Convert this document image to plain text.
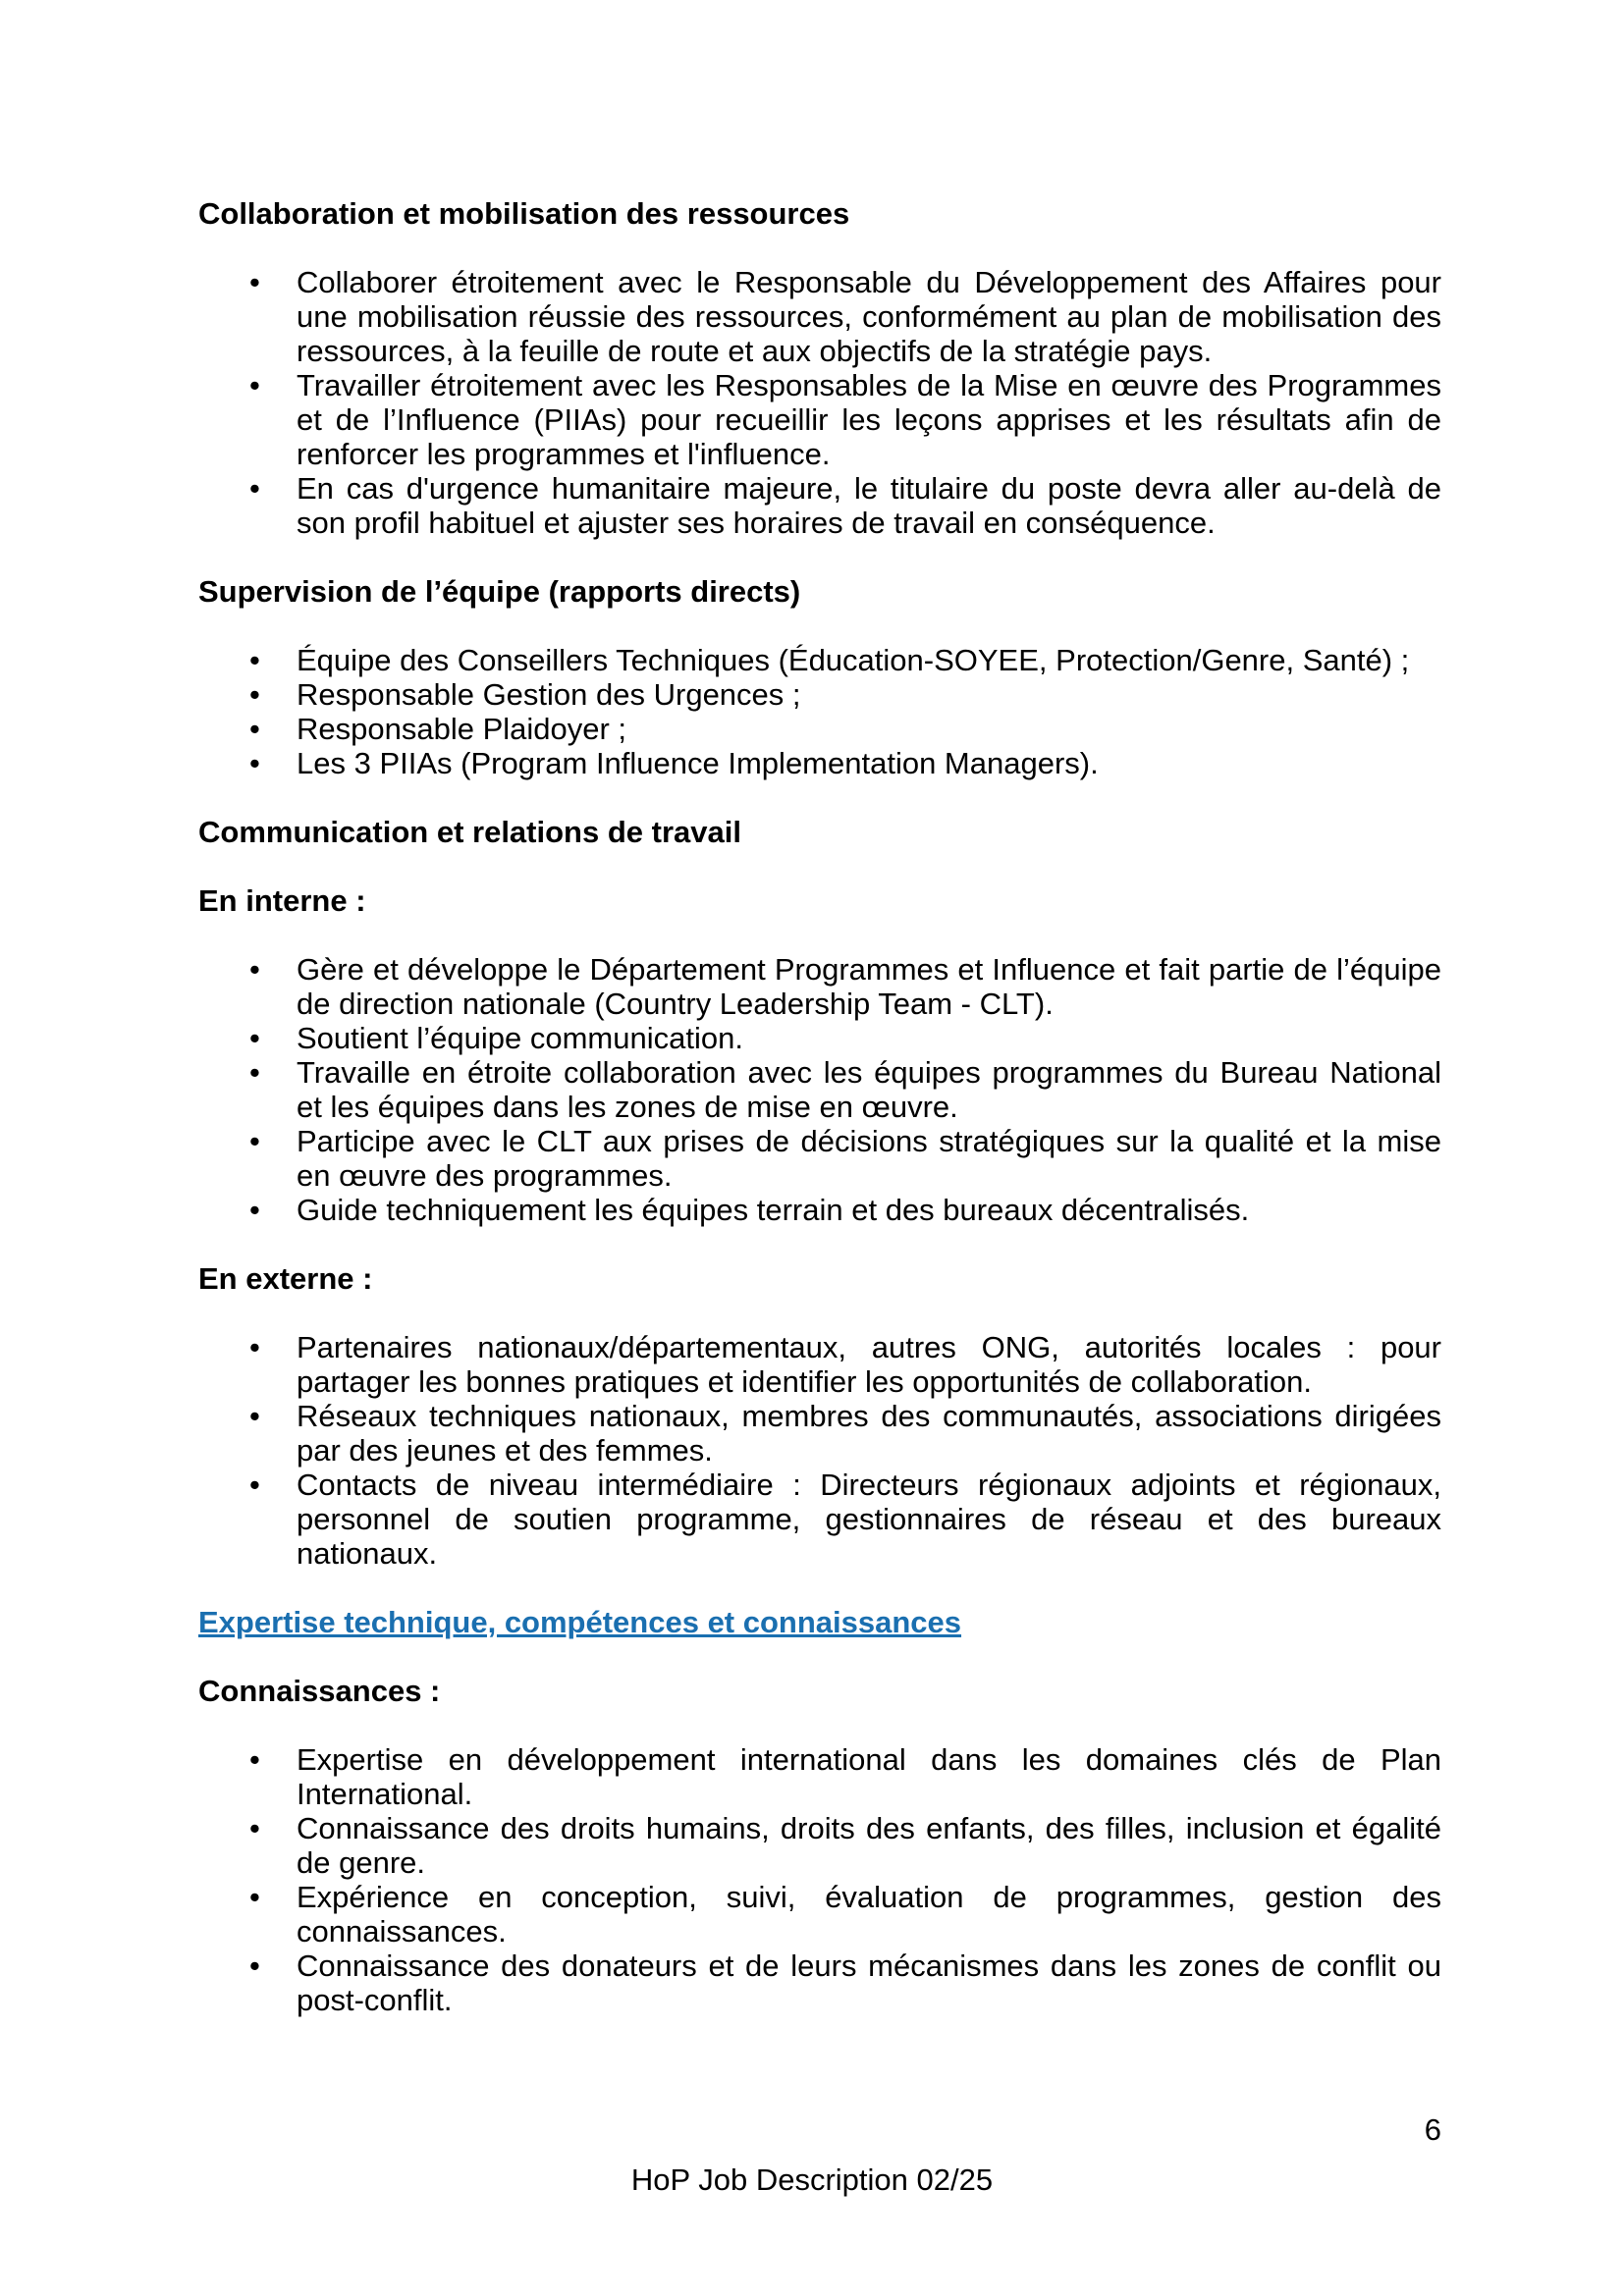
Collaboration et mobilisation des ressources

• Collaborer étroitement avec le Responsable du Développement des Affaires pour une mobilisation réussie des ressources, conformément au plan de mobilisation des ressources, à la feuille de route et aux objectifs de la stratégie pays.
• Travailler étroitement avec les Responsables de la Mise en œuvre des Programmes et de l’Influence (PIIAs) pour recueillir les leçons apprises et les résultats afin de renforcer les programmes et l'influence.
• En cas d'urgence humanitaire majeure, le titulaire du poste devra aller au-delà de son profil habituel et ajuster ses horaires de travail en conséquence.

Supervision de l’équipe (rapports directs)

• Équipe des Conseillers Techniques (Éducation-SOYEE, Protection/Genre, Santé) ;
• Responsable Gestion des Urgences ;
• Responsable Plaidoyer ;
• Les 3 PIIAs (Program Influence Implementation Managers).

Communication et relations de travail

En interne :

• Gère et développe le Département Programmes et Influence et fait partie de l’équipe de direction nationale (Country Leadership Team - CLT).
• Soutient l’équipe communication.
• Travaille en étroite collaboration avec les équipes programmes du Bureau National et les équipes dans les zones de mise en œuvre.
• Participe avec le CLT aux prises de décisions stratégiques sur la qualité et la mise en œuvre des programmes.
• Guide techniquement les équipes terrain et des bureaux décentralisés.

En externe :

• Partenaires nationaux/départementaux, autres ONG, autorités locales : pour partager les bonnes pratiques et identifier les opportunités de collaboration.
• Réseaux techniques nationaux, membres des communautés, associations dirigées par des jeunes et des femmes.
• Contacts de niveau intermédiaire : Directeurs régionaux adjoints et régionaux, personnel de soutien programme, gestionnaires de réseau et des bureaux nationaux.

Expertise technique, compétences et connaissances

Connaissances :

• Expertise en développement international dans les domaines clés de Plan International.
• Connaissance des droits humains, droits des enfants, des filles, inclusion et égalité de genre.
• Expérience en conception, suivi, évaluation de programmes, gestion des connaissances.
• Connaissance des donateurs et de leurs mécanismes dans les zones de conflit ou post-conflit.
6
HoP Job Description 02/25
